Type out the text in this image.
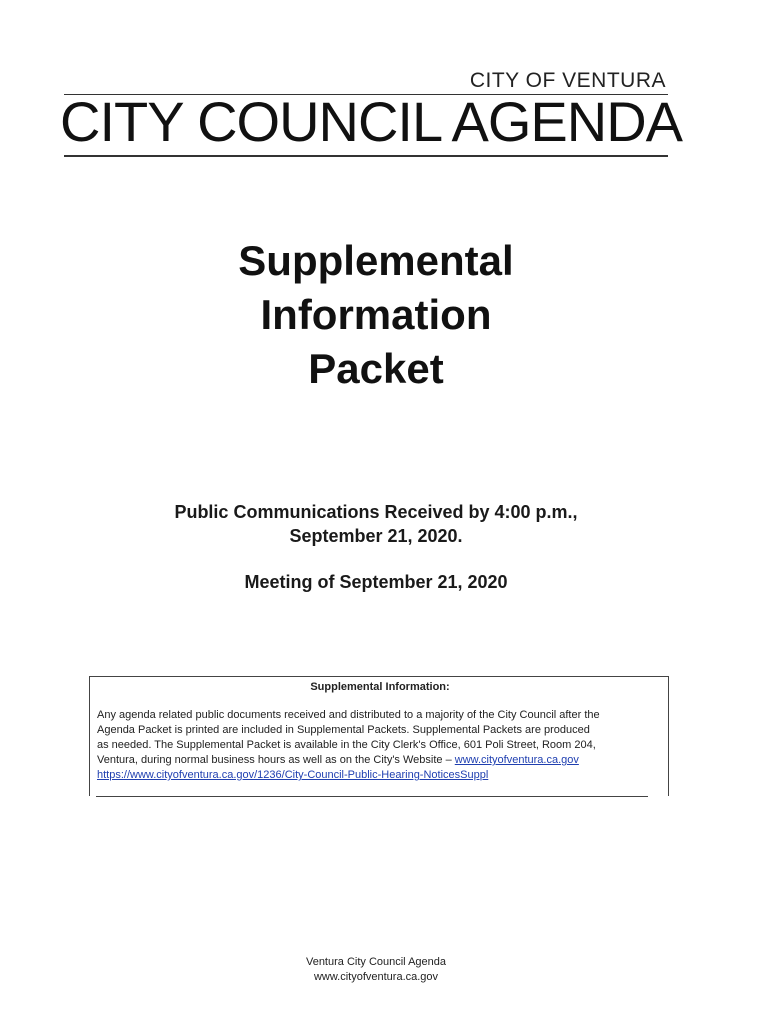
CITY OF VENTURA
CITY COUNCIL AGENDA
Supplemental
Information
Packet
Public Communications Received by 4:00 p.m.,
September 21, 2020.
Meeting of September 21, 2020
Supplemental Information:
Any agenda related public documents received and distributed to a majority of the City Council after the
Agenda Packet is printed are included in Supplemental Packets. Supplemental Packets are produced
as needed. The Supplemental Packet is available in the City Clerk's Office, 601 Poli Street, Room 204,
Ventura, during normal business hours as well as on the City's Website – www.cityofventura.ca.gov
https://www.cityofventura.ca.gov/1236/City-Council-Public-Hearing-NoticesSuppl
Ventura City Council Agenda
www.cityofventura.ca.gov
